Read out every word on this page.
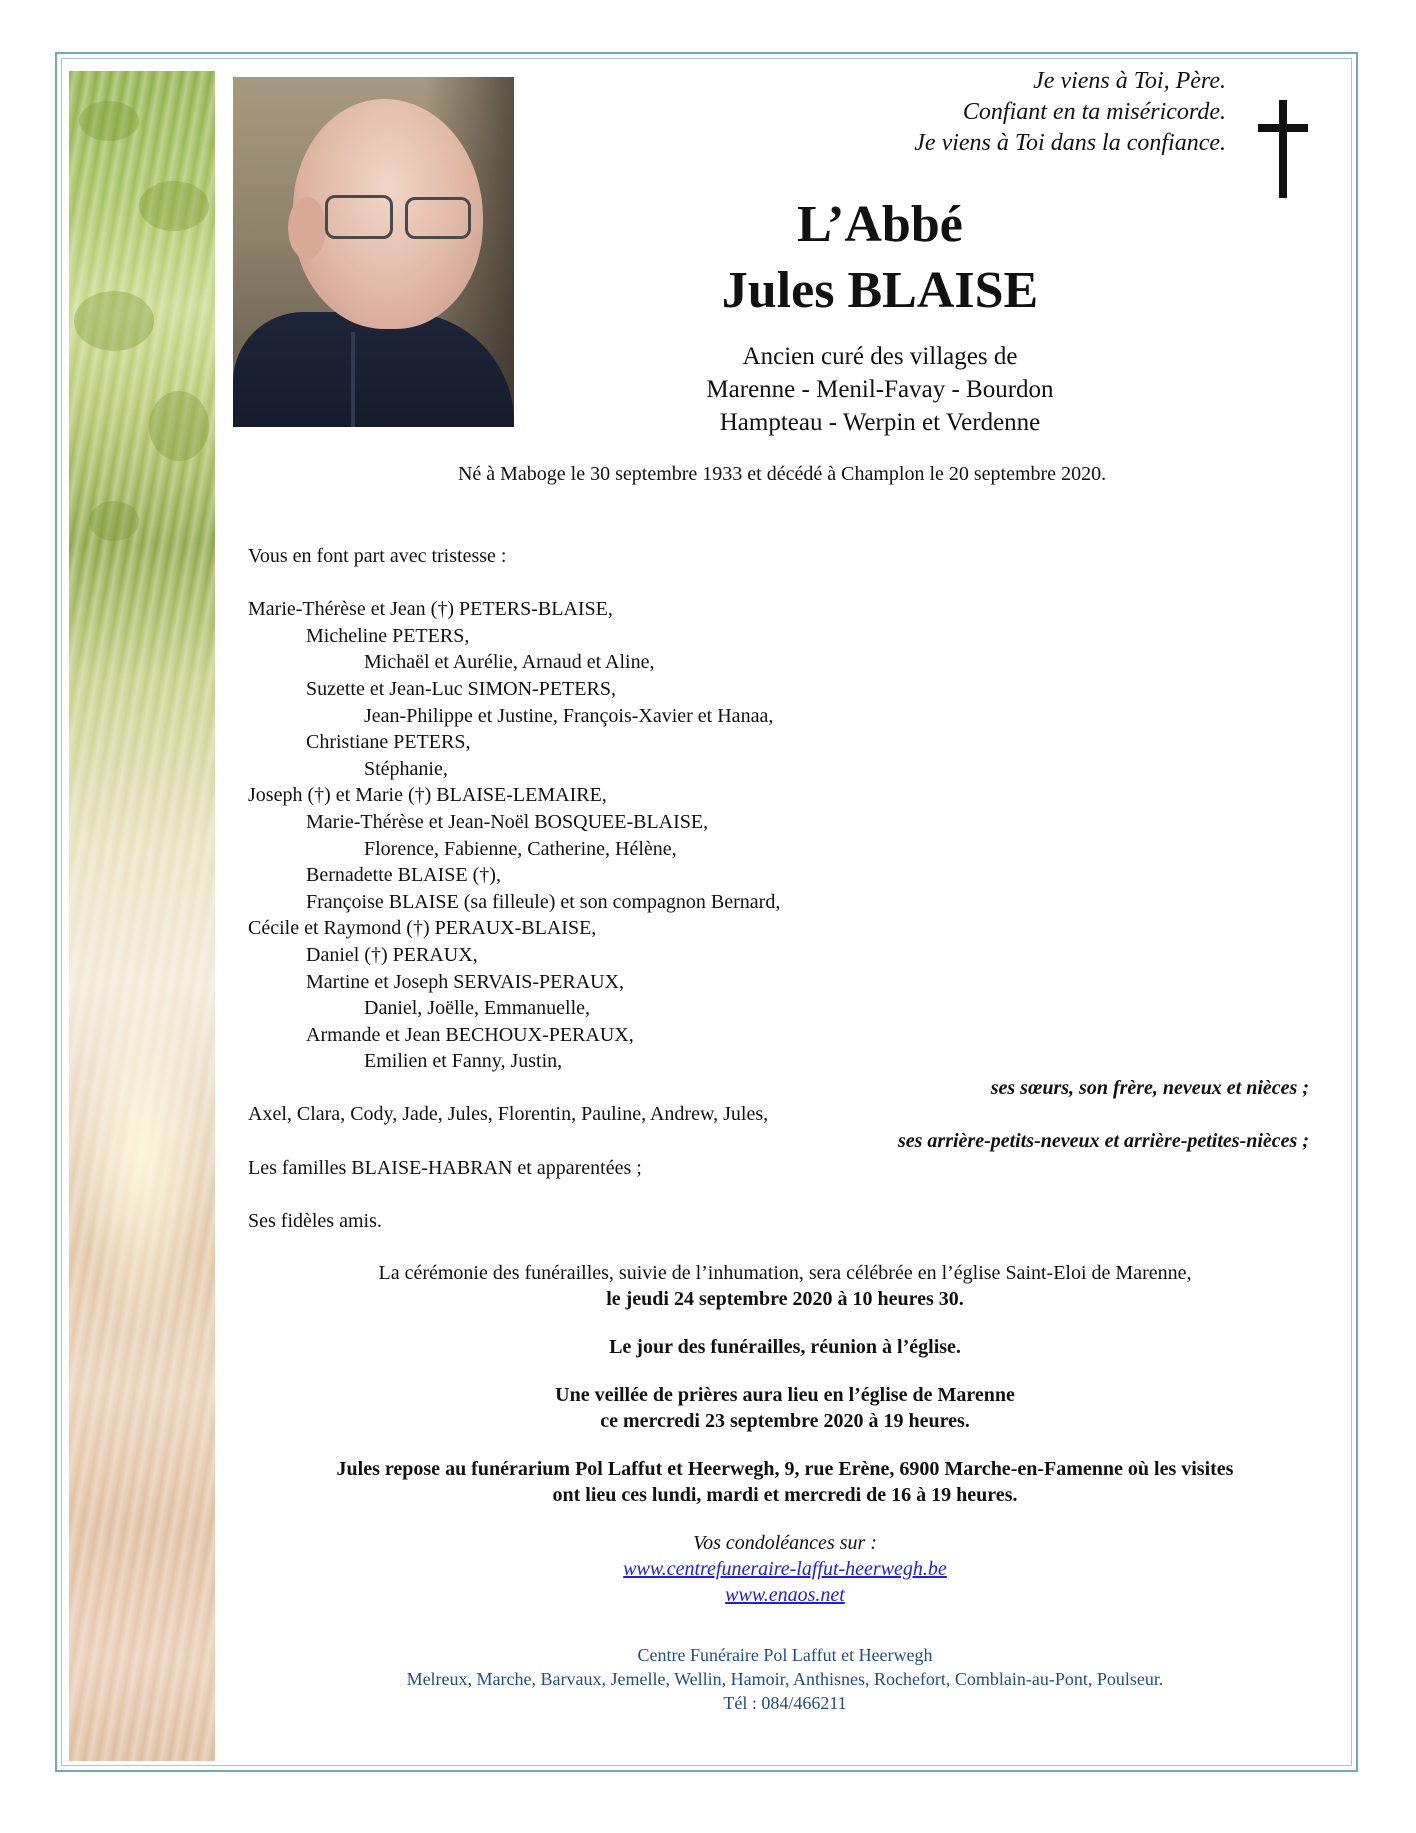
Je viens à Toi, Père.
Confiant en ta miséricorde.
Je viens à Toi dans la confiance.
L’Abbé
Jules BLAISE
Ancien curé des villages de
Marenne - Menil-Favay - Bourdon
Hampteau - Werpin et Verdenne
Né à Maboge le 30 septembre 1933 et décédé à Champlon le 20 septembre 2020.
Vous en font part avec tristesse :
Marie-Thérèse et Jean (†) PETERS-BLAISE,
Micheline PETERS,
Michaël et Aurélie, Arnaud et Aline,
Suzette et Jean-Luc SIMON-PETERS,
Jean-Philippe et Justine, François-Xavier et Hanaa,
Christiane PETERS,
Stéphanie,
Joseph (†) et Marie (†) BLAISE-LEMAIRE,
Marie-Thérèse et Jean-Noël BOSQUEE-BLAISE,
Florence, Fabienne, Catherine, Hélène,
Bernadette BLAISE (†),
Françoise BLAISE (sa filleule) et son compagnon Bernard,
Cécile et Raymond (†) PERAUX-BLAISE,
Daniel (†) PERAUX,
Martine et Joseph SERVAIS-PERAUX,
Daniel, Joëlle, Emmanuelle,
Armande et Jean BECHOUX-PERAUX,
Emilien et Fanny, Justin,
ses sœurs, son frère, neveux et nièces ;
Axel, Clara, Cody, Jade, Jules, Florentin, Pauline, Andrew, Jules,
ses arrière-petits-neveux et arrière-petites-nièces ;
Les familles BLAISE-HABRAN et apparentées ;
Ses fidèles amis.
La cérémonie des funérailles, suivie de l’inhumation, sera célébrée en l’église Saint-Eloi de Marenne,
le jeudi 24 septembre 2020 à 10 heures 30.
Le jour des funérailles, réunion à l’église.
Une veillée de prières aura lieu en l’église de Marenne
ce mercredi 23 septembre 2020 à 19 heures.
Jules repose au funérarium Pol Laffut et Heerwegh, 9, rue Erène, 6900 Marche-en-Famenne où les visites
ont lieu ces lundi, mardi et mercredi de 16 à 19 heures.
Vos condoléances sur :
www.centrefuneraire-laffut-heerwegh.be
www.enaos.net
Centre Funéraire Pol Laffut et Heerwegh
Melreux, Marche, Barvaux, Jemelle, Wellin, Hamoir, Anthisnes, Rochefort, Comblain-au-Pont, Poulseur.
Tél : 084/466211
